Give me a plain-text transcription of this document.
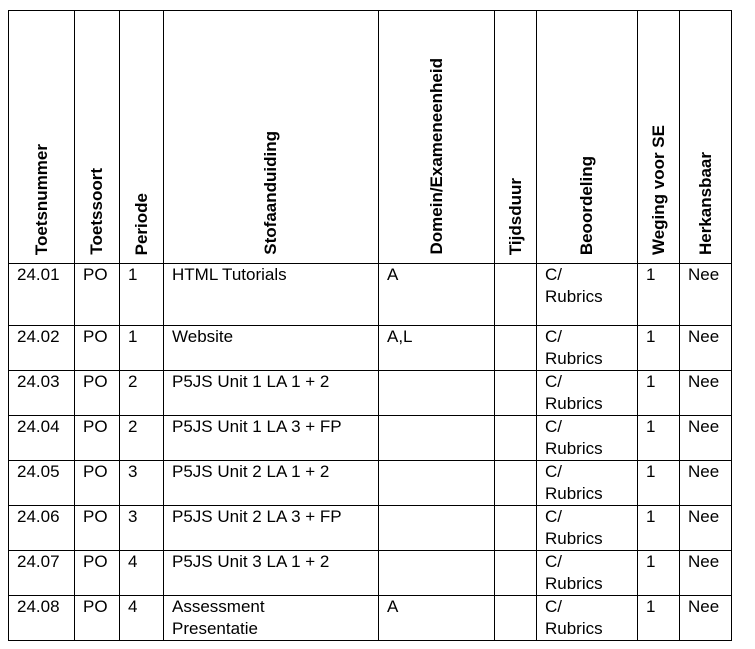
Toetsnummer	Toetssoort	Periode	Stofaanduiding	Domein/Exameneenheid	Tijdsduur	Beoordeling	Weging voor SE	Herkansbaar

24.01	PO	1	HTML Tutorials	A		C/ Rubrics	1	Nee

24.02	PO	1	Website	A,L		C/ Rubrics	1	Nee

24.03	PO	2	P5JS Unit 1 LA 1 + 2			C/ Rubrics	1	Nee

24.04	PO	2	P5JS Unit 1 LA 3 + FP			C/ Rubrics	1	Nee

24.05	PO	3	P5JS Unit 2 LA 1 + 2			C/ Rubrics	1	Nee

24.06	PO	3	P5JS Unit 2 LA 3 + FP			C/ Rubrics	1	Nee

24.07	PO	4	P5JS Unit 3 LA 1 + 2			C/ Rubrics	1	Nee

24.08	PO	4	Assessment Presentatie	A		C/ Rubrics	1	Nee
